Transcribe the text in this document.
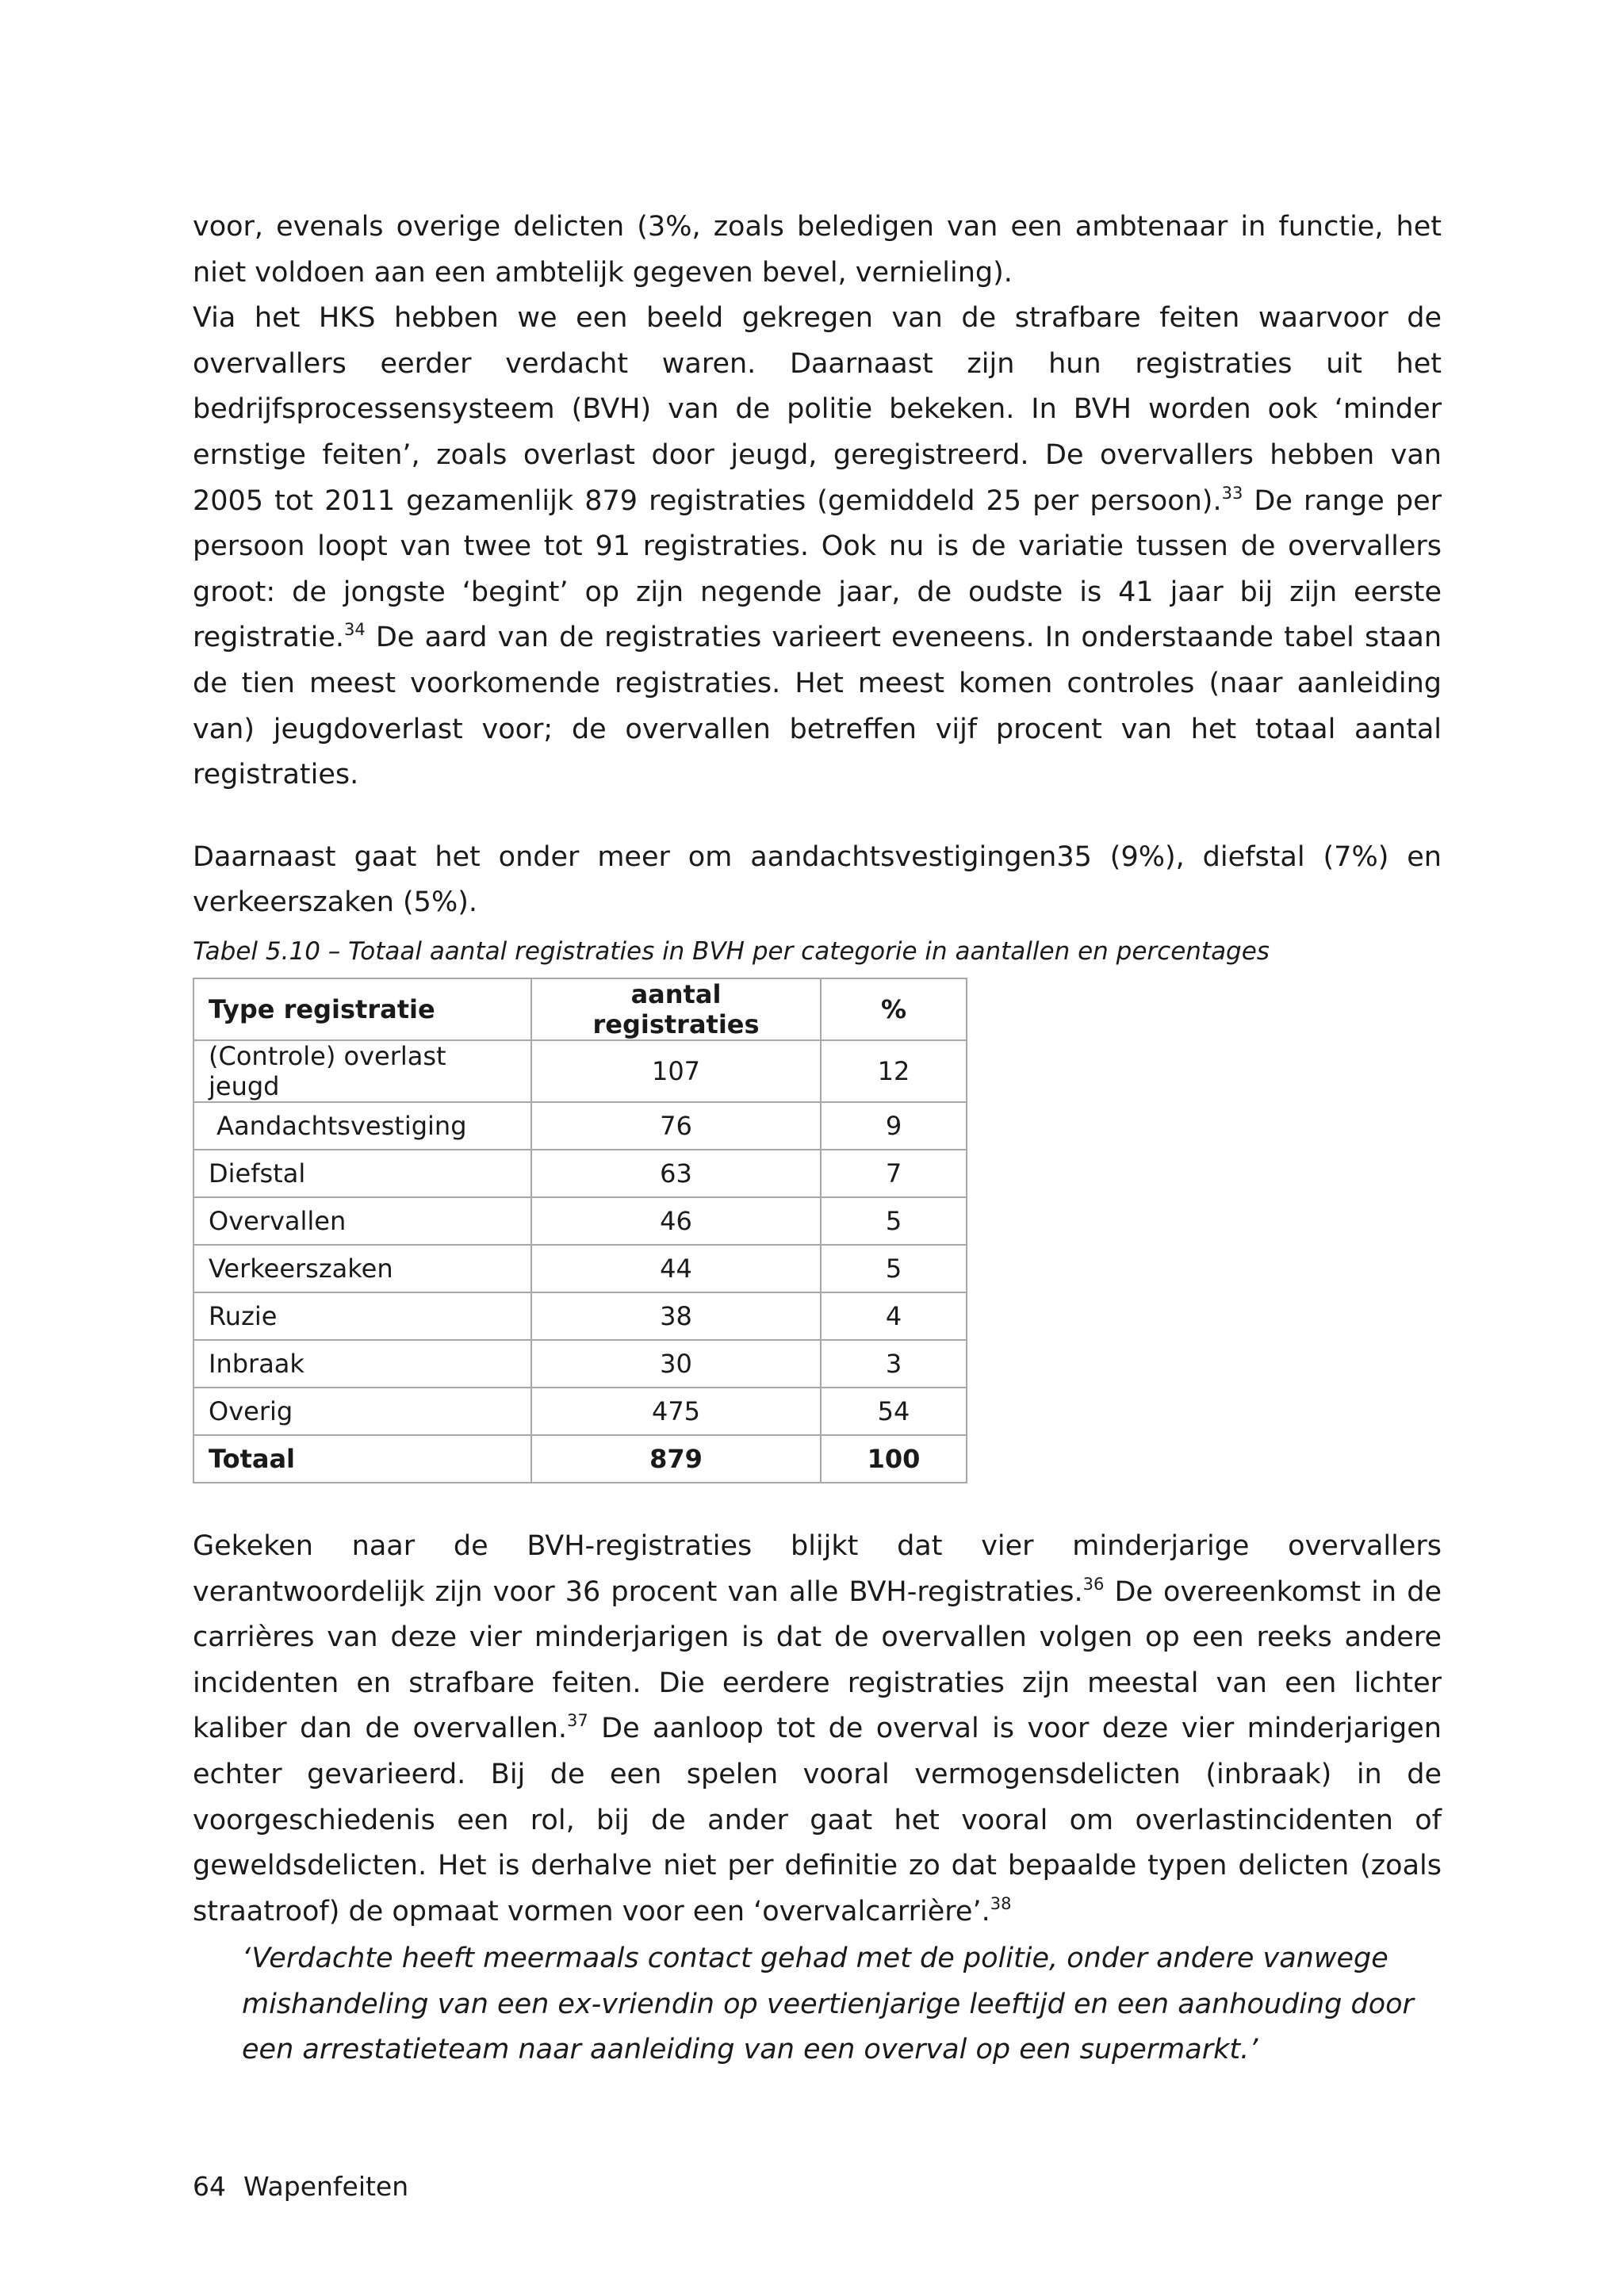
voor, evenals overige delicten (3%, zoals beledigen van een ambtenaar in functie, het niet voldoen aan een ambtelijk gegeven bevel, vernieling).

Via het HKS hebben we een beeld gekregen van de strafbare feiten waarvoor de overvallers eerder verdacht waren. Daarnaast zijn hun registraties uit het bedrijfsprocessensysteem (BVH) van de politie bekeken. In BVH worden ook ‘minder ernstige feiten’, zoals overlast door jeugd, geregistreerd. De overvallers hebben van 2005 tot 2011 gezamenlijk 879 registraties (gemiddeld 25 per persoon).$^{33}$ De range per persoon loopt van twee tot 91 registraties. Ook nu is de variatie tussen de overvallers groot: de jongste ‘begint’ op zijn negende jaar, de oudste is 41 jaar bij zijn eerste registratie.$^{34}$ De aard van de registraties varieert eveneens. In onderstaande tabel staan de tien meest voorkomende registraties. Het meest komen controles (naar aanleiding van) jeugdoverlast voor; de overvallen betreffen vijf procent van het totaal aantal registraties.

Daarnaast gaat het onder meer om aandachtsvestigingen35 (9%), diefstal (7%) en verkeerszaken (5%).

Tabel 5.10 – Totaal aantal registraties in BVH per categorie in aantallen en percentages

Type registratie	aantal registraties	%
(Controle) overlast jeugd	107	12
Aandachtsvestiging	76	9
Diefstal	63	7
Overvallen	46	5
Verkeerszaken	44	5
Ruzie	38	4
Inbraak	30	3
Overig	475	54
Totaal	879	100

Gekeken naar de BVH-registraties blijkt dat vier minderjarige overvallers verantwoordelijk zijn voor 36 procent van alle BVH-registraties.$^{36}$ De overeenkomst in de carrières van deze vier minderjarigen is dat de overvallen volgen op een reeks andere incidenten en strafbare feiten. Die eerdere registraties zijn meestal van een lichter kaliber dan de overvallen.$^{37}$ De aanloop tot de overval is voor deze vier minderjarigen echter gevarieerd. Bij de een spelen vooral vermogensdelicten (inbraak) in de voorgeschiedenis een rol, bij de ander gaat het vooral om overlastincidenten of geweldsdelicten. Het is derhalve niet per definitie zo dat bepaalde typen delicten (zoals straatroof) de opmaat vormen voor een ‘overvalcarrière’.$^{38}$

‘Verdachte heeft meermaals contact gehad met de politie, onder andere vanwege mishandeling van een ex-vriendin op veertienjarige leeftijd en een aanhouding door een arrestatieteam naar aanleiding van een overval op een supermarkt.’

64 Wapenfeiten
